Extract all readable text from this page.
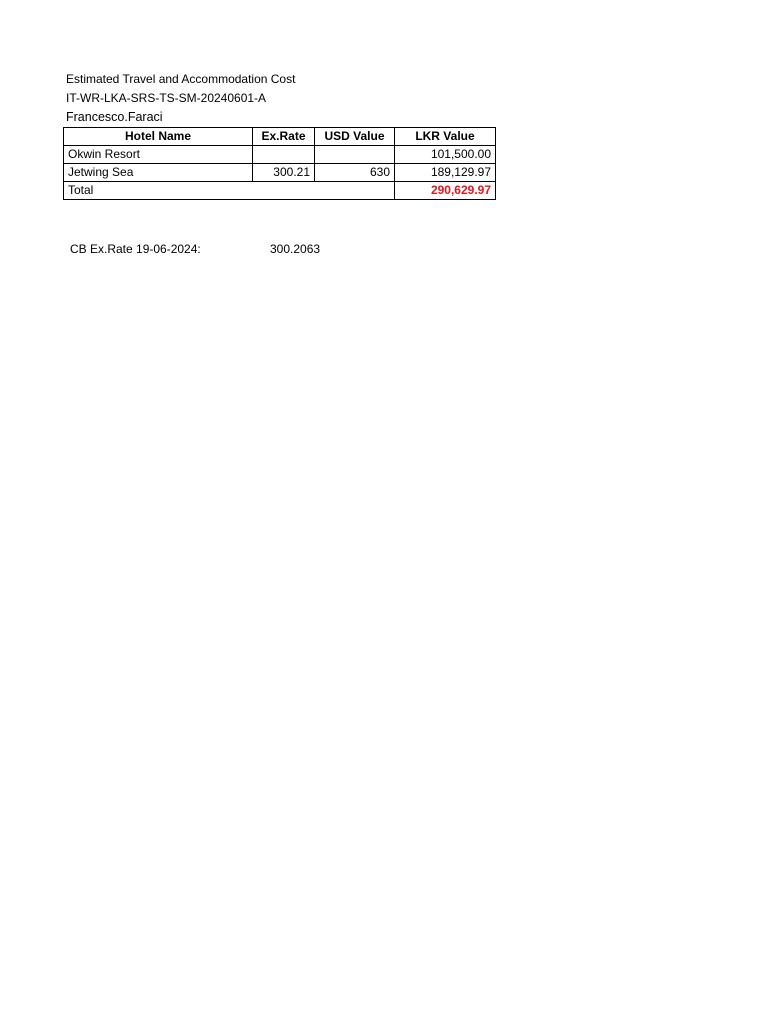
Estimated Travel and Accommodation Cost
IT-WR-LKA-SRS-TS-SM-20240601-A
Francesco.Faraci
Hotel Name	Ex.Rate	USD Value	LKR Value
Okwin Resort			101,500.00
Jetwing Sea	300.21	630	189,129.97
Total			290,629.97
CB Ex.Rate 19-06-2024:	300.2063
